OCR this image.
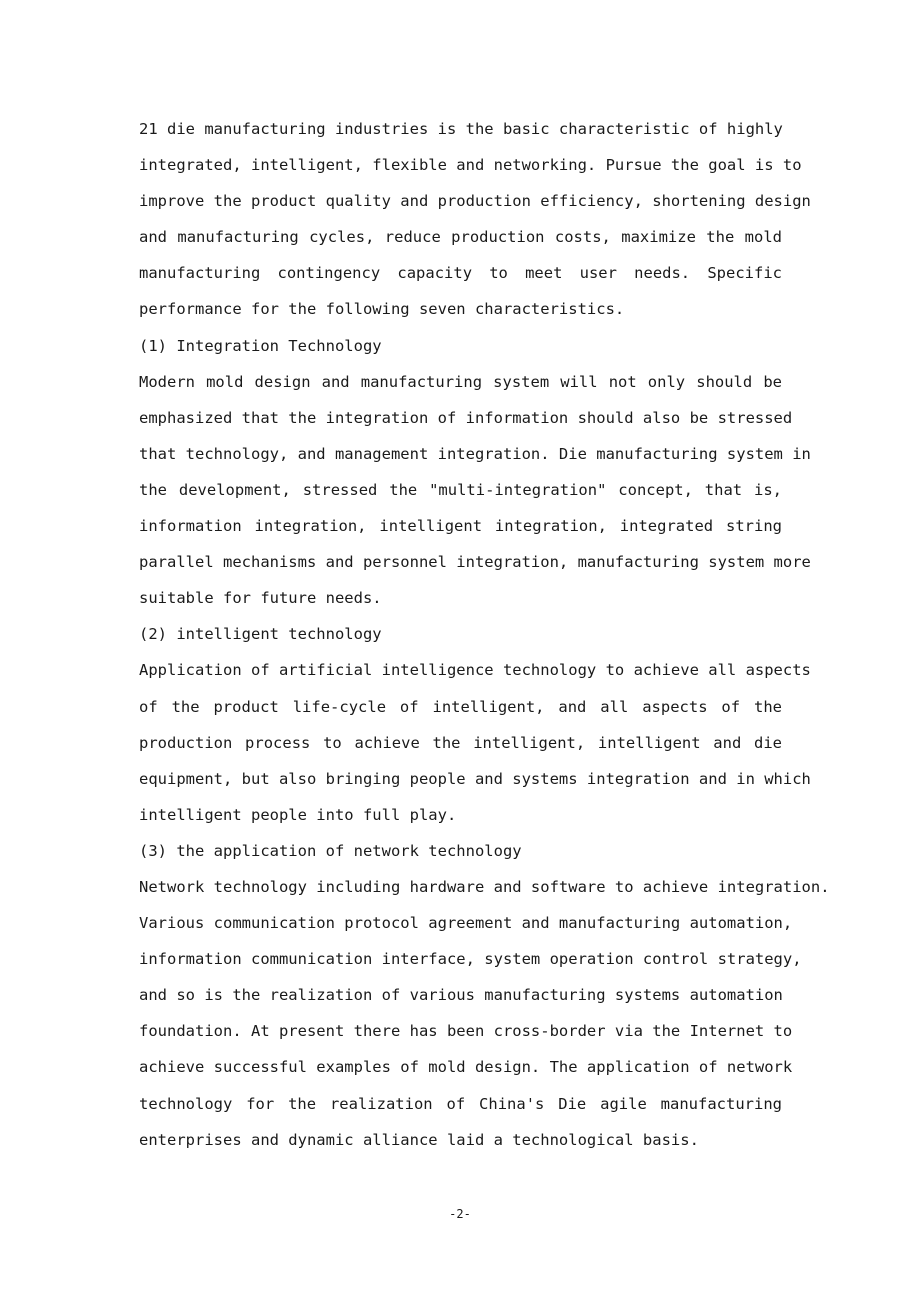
21 die manufacturing industries is the basic characteristic of highly
integrated, intelligent, flexible and networking. Pursue the goal is to
improve the product quality and production efficiency, shortening design
and manufacturing cycles, reduce production costs, maximize the mold
manufacturing contingency capacity to meet user needs. Specific
performance for the following seven characteristics.
(1) Integration Technology
Modern mold design and manufacturing system will not only should be
emphasized that the integration of information should also be stressed
that technology, and management integration. Die manufacturing system in
the development, stressed the "multi-integration" concept, that is,
information integration, intelligent integration, integrated string
parallel mechanisms and personnel integration, manufacturing system more
suitable for future needs.
(2) intelligent technology
Application of artificial intelligence technology to achieve all aspects
of the product life-cycle of intelligent, and all aspects of the
production process to achieve the intelligent, intelligent and die
equipment, but also bringing people and systems integration and in which
intelligent people into full play.
(3) the application of network technology
Network technology including hardware and software to achieve integration.
Various communication protocol agreement and manufacturing automation,
information communication interface, system operation control strategy,
and so is the realization of various manufacturing systems automation
foundation. At present there has been cross-border via the Internet to
achieve successful examples of mold design. The application of network
technology for the realization of China's Die agile manufacturing
enterprises and dynamic alliance laid a technological basis.
-2-
